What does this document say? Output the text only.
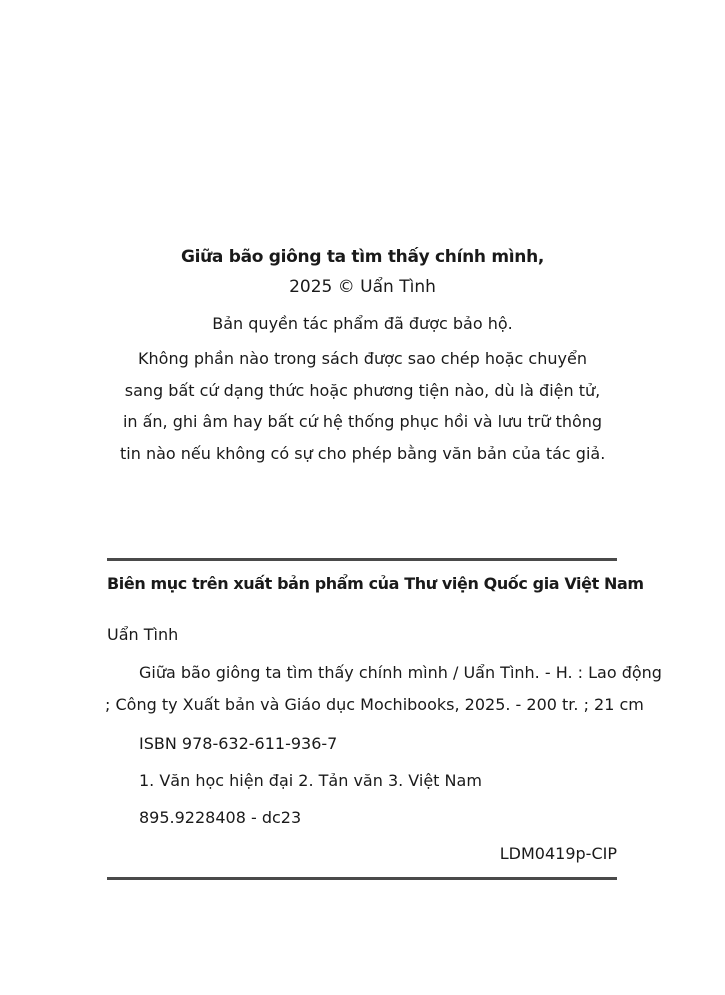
Giữa bão giông ta tìm thấy chính mình,

2025 © Uẩn Tình

Bản quyền tác phẩm đã được bảo hộ.

Không phần nào trong sách được sao chép hoặc chuyển
sang bất cứ dạng thức hoặc phương tiện nào, dù là điện tử,
in ấn, ghi âm hay bất cứ hệ thống phục hồi và lưu trữ thông
tin nào nếu không có sự cho phép bằng văn bản của tác giả.

Biên mục trên xuất bản phẩm của Thư viện Quốc gia Việt Nam

Uẩn Tình

Giữa bão giông ta tìm thấy chính mình / Uẩn Tình. - H. : Lao động
; Công ty Xuất bản và Giáo dục Mochibooks, 2025. - 200 tr. ; 21 cm

ISBN 978-632-611-936-7

1. Văn học hiện đại 2. Tản văn 3. Việt Nam

895.9228408 - dc23

LDM0419p-CIP
